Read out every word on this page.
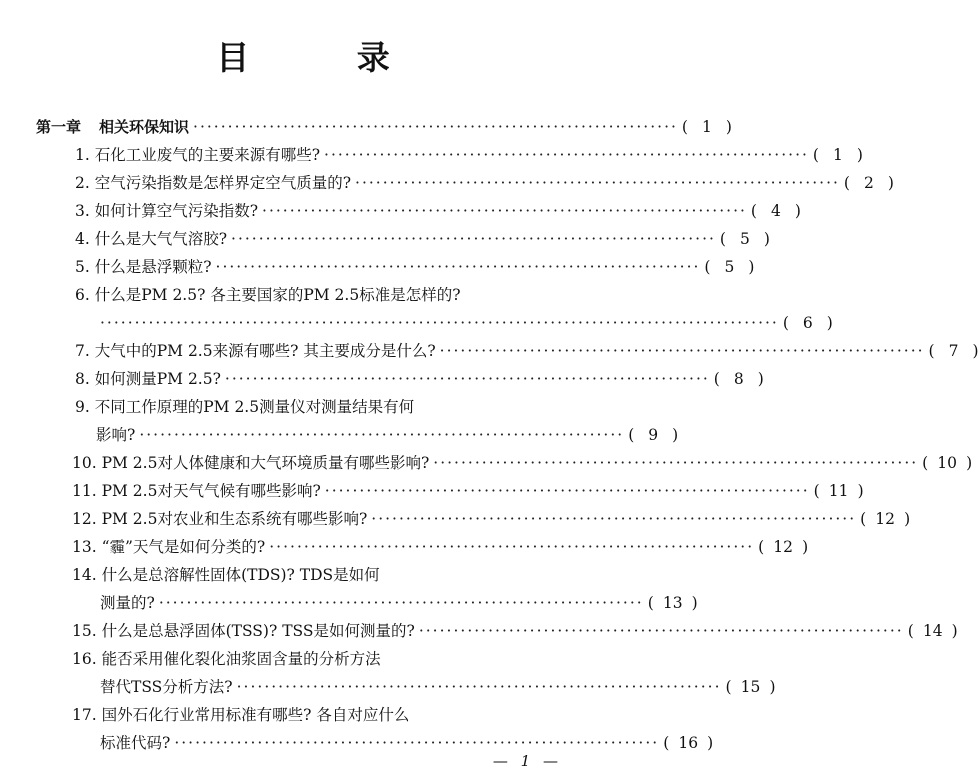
目 录
第一章 相关环保知识 ······································································ ( 1 )
1. 石化工业废气的主要来源有哪些? ······································································ ( 1 )
2. 空气污染指数是怎样界定空气质量的? ······································································ ( 2 )
3. 如何计算空气污染指数? ······································································ ( 4 )
4. 什么是大气气溶胶? ······································································ ( 5 )
5. 什么是悬浮颗粒? ······································································ ( 5 )
6. 什么是PM 2.5? 各主要国家的PM 2.5标准是怎样的?
·································································································· ( 6 )
7. 大气中的PM 2.5来源有哪些? 其主要成分是什么? ······································································ ( 7 )
8. 如何测量PM 2.5? ······································································ ( 8 )
9. 不同工作原理的PM 2.5测量仪对测量结果有何
影响? ······································································ ( 9 )
10. PM 2.5对人体健康和大气环境质量有哪些影响? ······································································ ( 10 )
11. PM 2.5对天气气候有哪些影响? ······································································ ( 11 )
12. PM 2.5对农业和生态系统有哪些影响? ······································································ ( 12 )
13. “霾”天气是如何分类的? ······································································ ( 12 )
14. 什么是总溶解性固体(TDS)? TDS是如何
测量的? ······································································ ( 13 )
15. 什么是总悬浮固体(TSS)? TSS是如何测量的? ······································································ ( 14 )
16. 能否采用催化裂化油浆固含量的分析方法
替代TSS分析方法? ······································································ ( 15 )
17. 国外石化行业常用标准有哪些? 各自对应什么
标准代码? ······································································ ( 16 )
— 1 —
